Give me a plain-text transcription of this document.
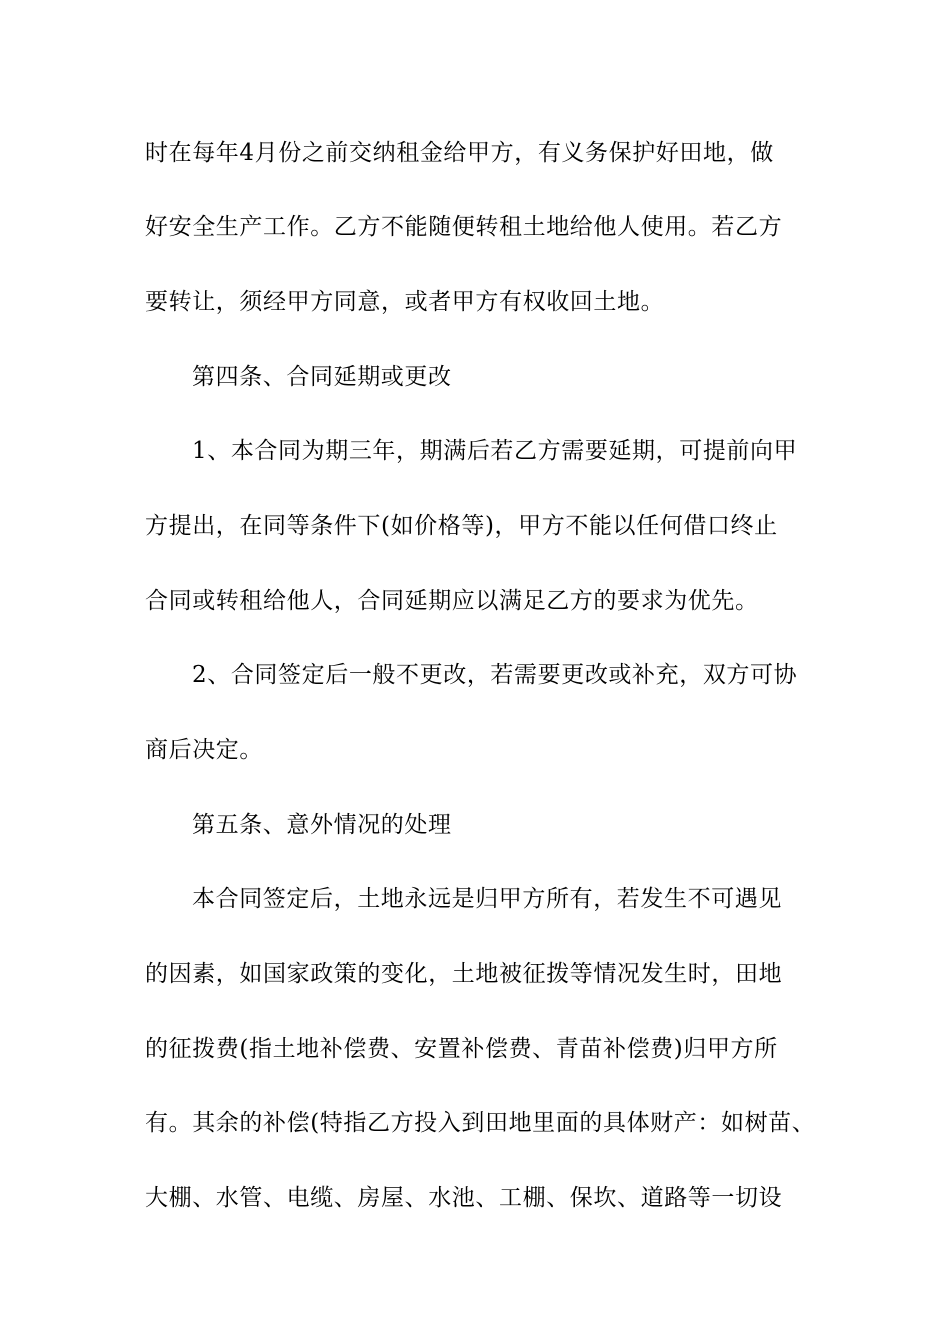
时在每年4月份之前交纳租金给甲方，有义务保护好田地，做
好安全生产工作。乙方不能随便转租土地给他人使用。若乙方
要转让，须经甲方同意，或者甲方有权收回土地。
第四条、合同延期或更改
1、本合同为期三年，期满后若乙方需要延期，可提前向甲
方提出，在同等条件下(如价格等)，甲方不能以任何借口终止
合同或转租给他人，合同延期应以满足乙方的要求为优先。
2、合同签定后一般不更改，若需要更改或补充，双方可协
商后决定。
第五条、意外情况的处理
本合同签定后，土地永远是归甲方所有，若发生不可遇见
的因素，如国家政策的变化，土地被征拨等情况发生时，田地
的征拨费(指土地补偿费、安置补偿费、青苗补偿费)归甲方所
有。其余的补偿(特指乙方投入到田地里面的具体财产：如树苗、
大棚、水管、电缆、房屋、水池、工棚、保坎、道路等一切设
